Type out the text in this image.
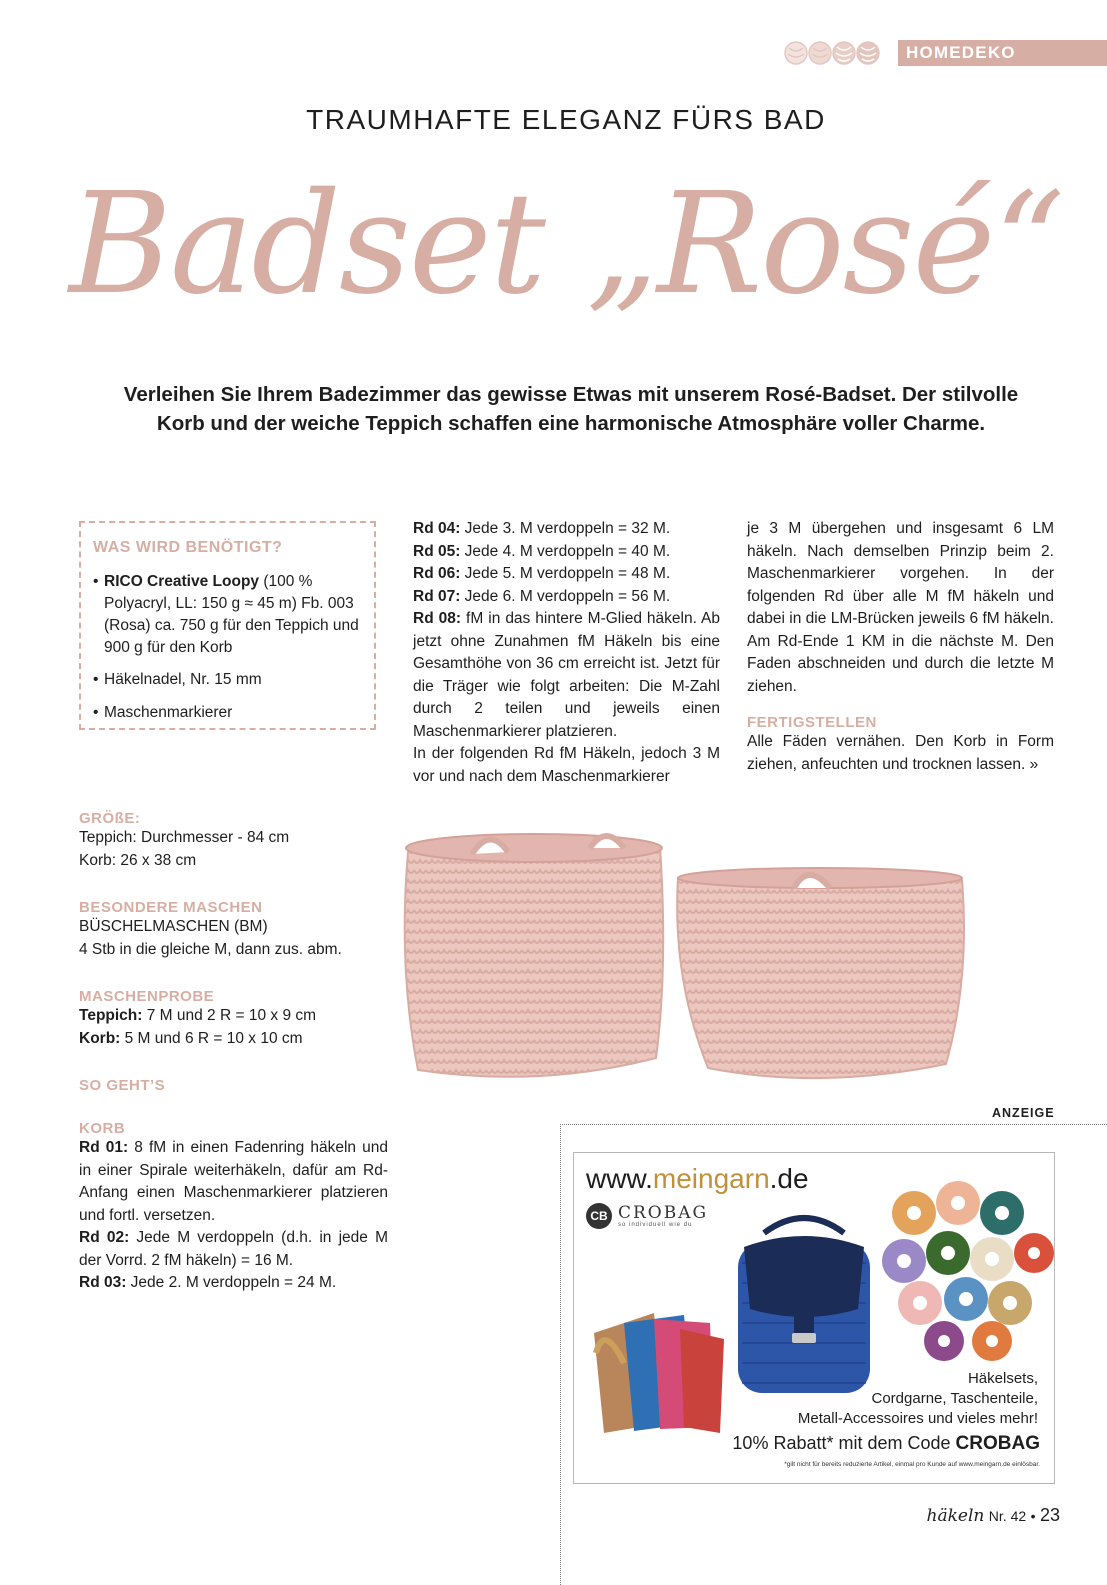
HOMEDEKO
TRAUMHAFTE ELEGANZ FÜRS BAD
Badset „Rosé“
Verleihen Sie Ihrem Badezimmer das gewisse Etwas mit unserem Rosé-Badset. Der stilvolle
Korb und der weiche Teppich schaffen eine harmonische Atmosphäre voller Charme.

WAS WIRD BENÖTIGT?

• RICO Creative Loopy (100 % Polyacryl, LL: 150 g ≈ 45 m) Fb. 003 (Rosa) ca. 750 g für den Teppich und 900 g für den Korb
• Häkelnadel, Nr. 15 mm
• Maschenmarkierer

GRÖßE:

Teppich: Durchmesser - 84 cm
Korb: 26 x 38 cm

BESONDERE MASCHEN

BÜSCHELMASCHEN (BM)
4 Stb in die gleiche M, dann zus. abm.

MASCHENPROBE

Teppich: 7 M und 2 R = 10 x 9 cm
Korb: 5 M und 6 R = 10 x 10 cm

SO GEHT’S

KORB

Rd 01: 8 fM in einen Fadenring häkeln und in einer Spirale weiterhäkeln, dafür am Rd-Anfang einen Maschenmarkierer platzieren und fortl. versetzen.

Rd 02: Jede M verdoppeln (d.h. in jede M der Vorrd. 2 fM häkeln) = 16 M.

Rd 03: Jede 2. M verdoppeln = 24 M.

Rd 04: Jede 3. M verdoppeln = 32 M.

Rd 05: Jede 4. M verdoppeln = 40 M.

Rd 06: Jede 5. M verdoppeln = 48 M.

Rd 07: Jede 6. M verdoppeln = 56 M.

Rd 08: fM in das hintere M-Glied häkeln. Ab jetzt ohne Zunahmen fM Häkeln bis eine Gesamthöhe von 36 cm erreicht ist. Jetzt für die Träger wie folgt arbeiten: Die M-Zahl durch 2 teilen und jeweils einen Maschenmarkierer platzieren.

In der folgenden Rd fM Häkeln, jedoch 3 M vor und nach dem Maschenmarkierer

je 3 M übergehen und insgesamt 6 LM häkeln. Nach demselben Prinzip beim 2. Maschenmarkierer vorgehen. In der folgenden Rd über alle M fM häkeln und dabei in die LM-Brücken jeweils 6 fM häkeln. Am Rd-Ende 1 KM in die nächste M. Den Faden abschneiden und durch die letzte M ziehen.

FERTIGSTELLEN

Alle Fäden vernähen. Den Korb in Form ziehen, anfeuchten und trocknen lassen. »

ANZEIGE
www.meingarn.de
CB CROBAG
so individuell wie du
Häkelsets,
Cordgarne, Taschenteile,
Metall-Accessoires und vieles mehr!
10% Rabatt* mit dem Code CROBAG
*gilt nicht für bereits reduzierte Artikel, einmal pro Kunde auf www.meingarn.de einlösbar.
häkeln Nr. 42 • 23
